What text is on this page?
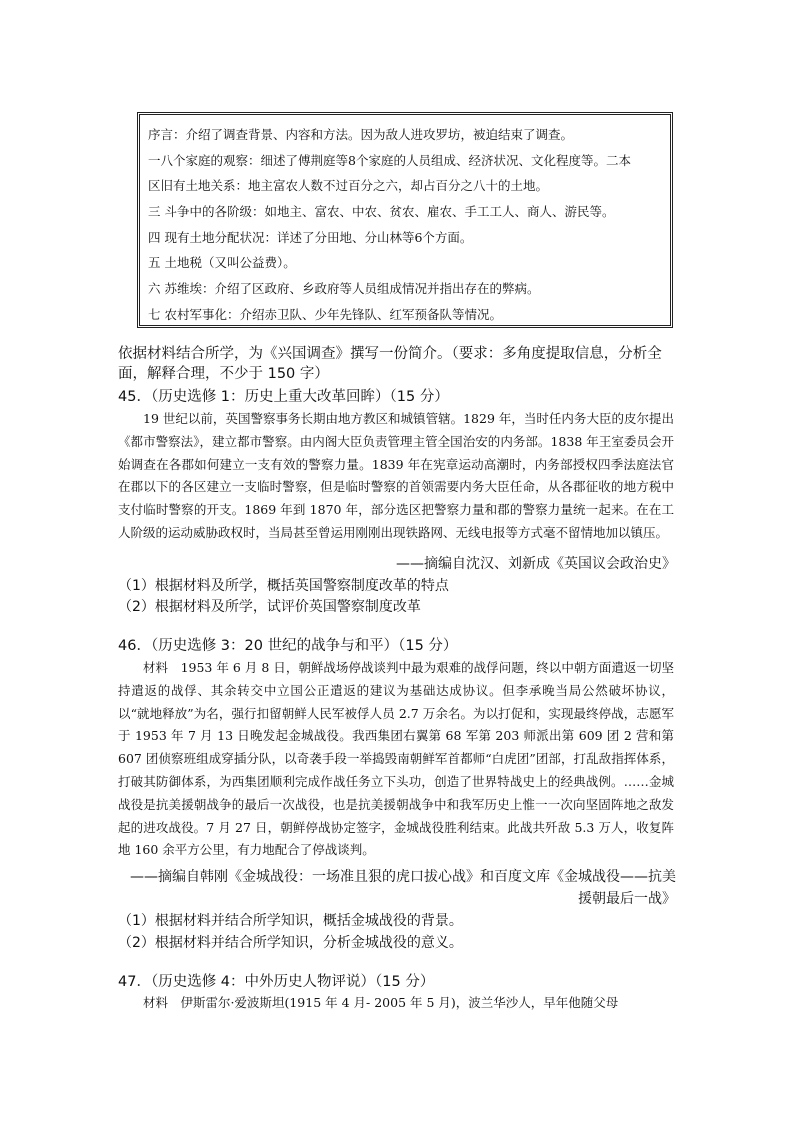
序言：介绍了调查背景、内容和方法。因为敌人进攻罗坊，被迫结束了调查。
一八个家庭的观察：细述了傅荆庭等8个家庭的人员组成、经济状况、文化程度等。二本
区旧有土地关系：地主富农人数不过百分之六，却占百分之八十的土地。
三 斗争中的各阶级：如地主、富农、中农、贫农、雇农、手工工人、商人、游民等。
四 现有土地分配状况：详述了分田地、分山林等6个方面。
五 土地税（又叫公益费）。
六 苏维埃：介绍了区政府、乡政府等人员组成情况并指出存在的弊病。
七 农村军事化：介绍赤卫队、少年先锋队、红军预备队等情况。
依据材料结合所学，为《兴国调查》撰写一份简介。（要求：多角度提取信息，分析全面，解释合理，不少于 150 字）
45．（历史选修 1：历史上重大改革回眸）（15 分）
19 世纪以前，英国警察事务长期由地方教区和城镇管辖。1829 年，当时任内务大臣的皮尔提出《都市警察法》，建立都市警察。由内阁大臣负责管理主管全国治安的内务部。1838 年王室委员会开始调查在各郡如何建立一支有效的警察力量。1839 年在宪章运动高潮时，内务部授权四季法庭法官在郡以下的各区建立一支临时警察，但是临时警察的首领需要内务大臣任命，从各郡征收的地方税中支付临时警察的开支。1869 年到 1870 年，部分选区把警察力量和郡的警察力量统一起来。在在工人阶级的运动威胁政权时，当局甚至曾运用刚刚出现铁路网、无线电报等方式毫不留情地加以镇压。
——摘编自沈汉、刘新成《英国议会政治史》
（1）根据材料及所学，概括英国警察制度改革的特点
（2）根据材料及所学，试评价英国警察制度改革
46．（历史选修 3：20 世纪的战争与和平）（15 分）
材料　1953 年 6 月 8 日，朝鲜战场停战谈判中最为艰难的战俘问题，终以中朝方面遣返一切坚持遣返的战俘、其余转交中立国公正遣返的建议为基础达成协议。但李承晚当局公然破坏协议，以“就地释放”为名，强行扣留朝鲜人民军被俘人员 2.7 万余名。为以打促和，实现最终停战，志愿军于 1953 年 7 月 13 日晚发起金城战役。我西集团右翼第 68 军第 203 师派出第 609 团 2 营和第 607 团侦察班组成穿插分队，以奇袭手段一举捣毁南朝鲜军首都师“白虎团”团部，打乱敌指挥体系，打破其防御体系，为西集团顺利完成作战任务立下头功，创造了世界特战史上的经典战例。……金城战役是抗美援朝战争的最后一次战役，也是抗美援朝战争中和我军历史上惟一一次向坚固阵地之敌发起的进攻战役。7 月 27 日，朝鲜停战协定签字，金城战役胜利结束。此战共歼敌 5.3 万人，收复阵地 160 余平方公里，有力地配合了停战谈判。
——摘编自韩刚《金城战役：一场准且狠的虎口拔心战》和百度文库《金城战役——抗美援朝最后一战》
（1）根据材料并结合所学知识，概括金城战役的背景。
（2）根据材料并结合所学知识，分析金城战役的意义。
47．（历史选修 4：中外历史人物评说）（15 分）
材料　伊斯雷尔·爱波斯坦(1915 年 4 月- 2005 年 5 月)，波兰华沙人，早年他随父母
